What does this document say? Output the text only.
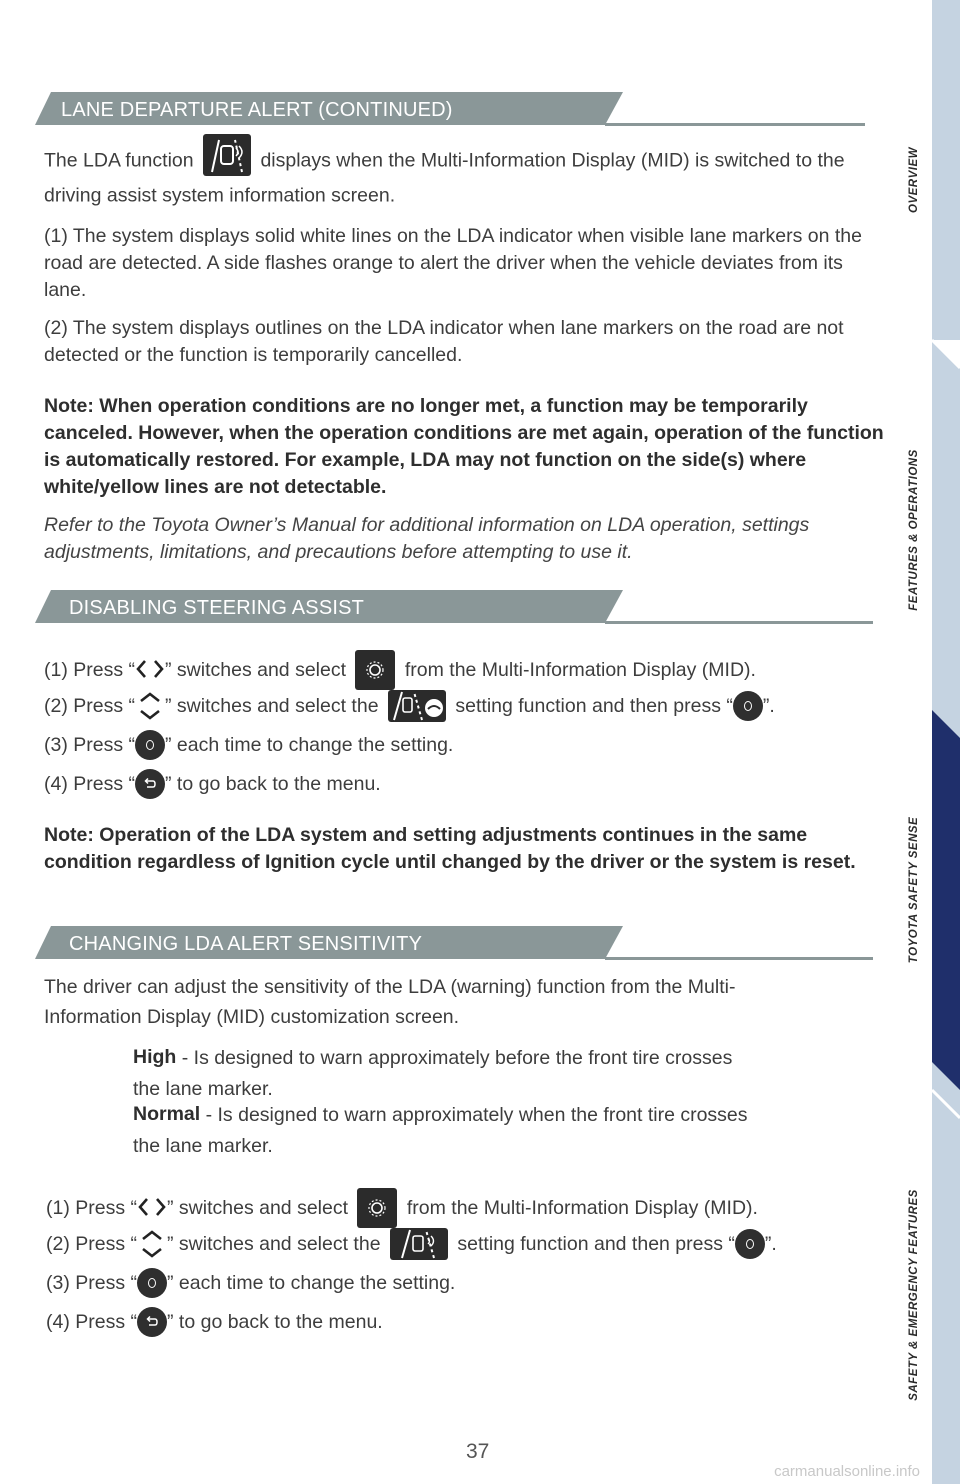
LANE DEPARTURE ALERT (CONTINUED)
The LDA function	displays when the Multi-Information Display (MID) is switched to the driving assist system information screen.
(1) The system displays solid white lines on the LDA indicator when visible lane markers on the road are detected. A side flashes orange to alert the driver when the vehicle deviates from its lane.
(2) The system displays outlines on the LDA indicator when lane markers on the road are not detected or the function is temporarily cancelled.
Note: When operation conditions are no longer met, a function may be temporarily canceled. However, when the operation conditions are met again, operation of the function is automatically restored. For example, LDA may not function on the side(s) where white/yellow lines are not detectable.
Refer to the Toyota Owner’s Manual for additional information on LDA operation, settings adjustments, limitations, and precautions before attempting to use it.
DISABLING STEERING ASSIST
(1) Press “ ” switches and select	from the Multi-Information Display (MID).
(2) Press “ ” switches and select the	setting function and then press “ ”.
(3) Press “ ” each time to change the setting.
(4) Press “ ” to go back to the menu.
Note: Operation of the LDA system and setting adjustments continues in the same condition regardless of Ignition cycle until changed by the driver or the system is reset.
CHANGING LDA ALERT SENSITIVITY
The driver can adjust the sensitivity of the LDA (warning) function from the Multi-Information Display (MID) customization screen.
High - Is designed to warn approximately before the front tire crosses the lane marker.
Normal - Is designed to warn approximately when the front tire crosses the lane marker.
(1) Press “ ” switches and select	from the Multi-Information Display (MID).
(2) Press “ ” switches and select the	setting function and then press “ ”.
(3) Press “ ” each time to change the setting.
(4) Press “ ” to go back to the menu.
OVERVIEW
FEATURES & OPERATIONS
TOYOTA SAFETY SENSE
SAFETY & EMERGENCY FEATURES
37
carmanualsonline.info
